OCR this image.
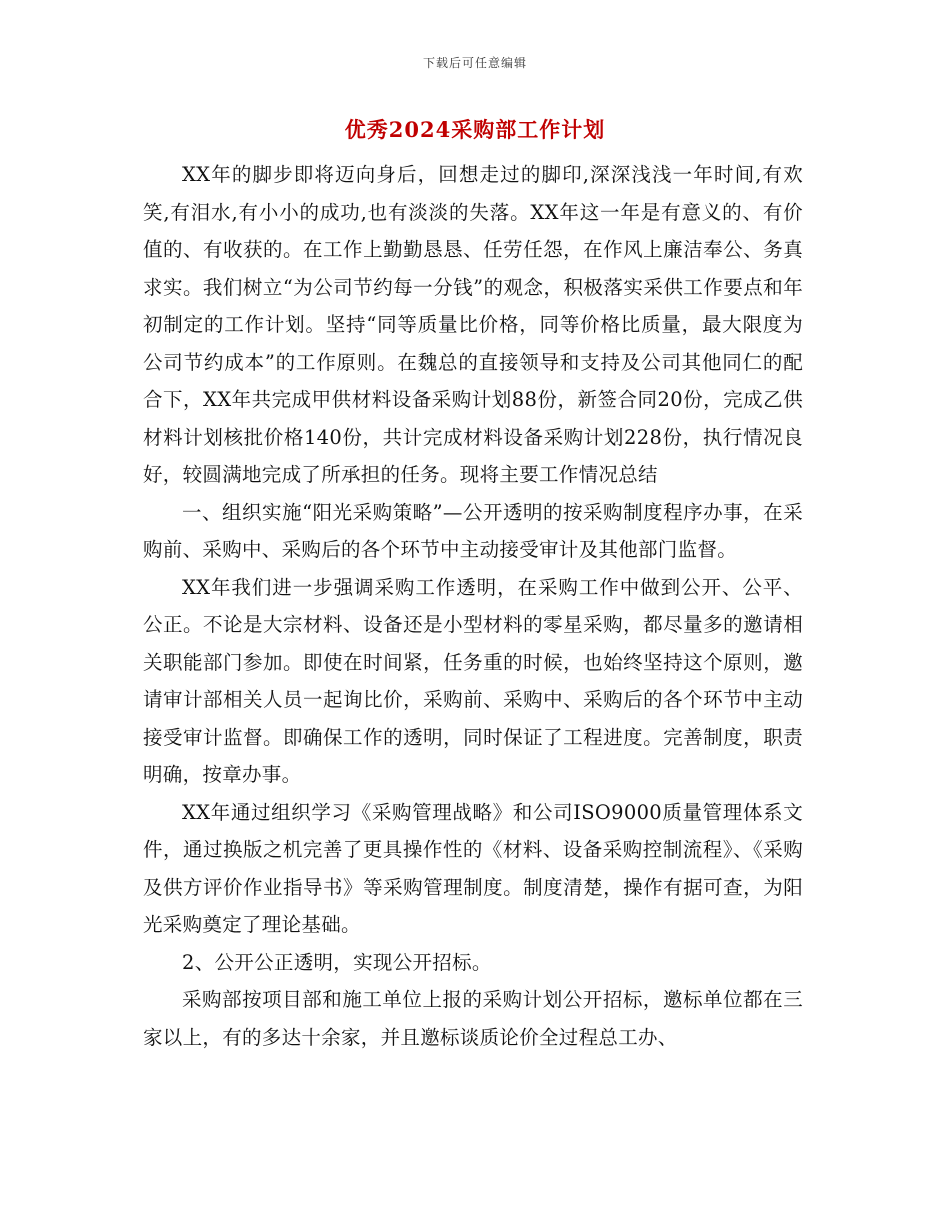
下载后可任意编辑
优秀2024采购部工作计划

XX年的脚步即将迈向身后，回想走过的脚印,深深浅浅一年时间,有欢笑,有泪水,有小小的成功,也有淡淡的失落。XX年这一年是有意义的、有价值的、有收获的。在工作上勤勤恳恳、任劳任怨，在作风上廉洁奉公、务真求实。我们树立“为公司节约每一分钱”的观念，积极落实采供工作要点和年初制定的工作计划。坚持“同等质量比价格，同等价格比质量，最大限度为公司节约成本”的工作原则。在魏总的直接领导和支持及公司其他同仁的配合下，XX年共完成甲供材料设备采购计划88份，新签合同20份，完成乙供材料计划核批价格140份，共计完成材料设备采购计划228份，执行情况良好，较圆满地完成了所承担的任务。现将主要工作情况总结

一、组织实施“阳光采购策略”—公开透明的按采购制度程序办事，在采购前、采购中、采购后的各个环节中主动接受审计及其他部门监督。

XX年我们进一步强调采购工作透明，在采购工作中做到公开、公平、公正。不论是大宗材料、设备还是小型材料的零星采购，都尽量多的邀请相关职能部门参加。即使在时间紧，任务重的时候，也始终坚持这个原则，邀请审计部相关人员一起询比价，采购前、采购中、采购后的各个环节中主动接受审计监督。即确保工作的透明，同时保证了工程进度。完善制度，职责明确，按章办事。

XX年通过组织学习《采购管理战略》和公司ISO9000质量管理体系文件，通过换版之机完善了更具操作性的《材料、设备采购控制流程》、《采购及供方评价作业指导书》等采购管理制度。制度清楚，操作有据可查，为阳光采购奠定了理论基础。

2、公开公正透明，实现公开招标。

采购部按项目部和施工单位上报的采购计划公开招标，邀标单位都在三家以上，有的多达十余家，并且邀标谈质论价全过程总工办、
